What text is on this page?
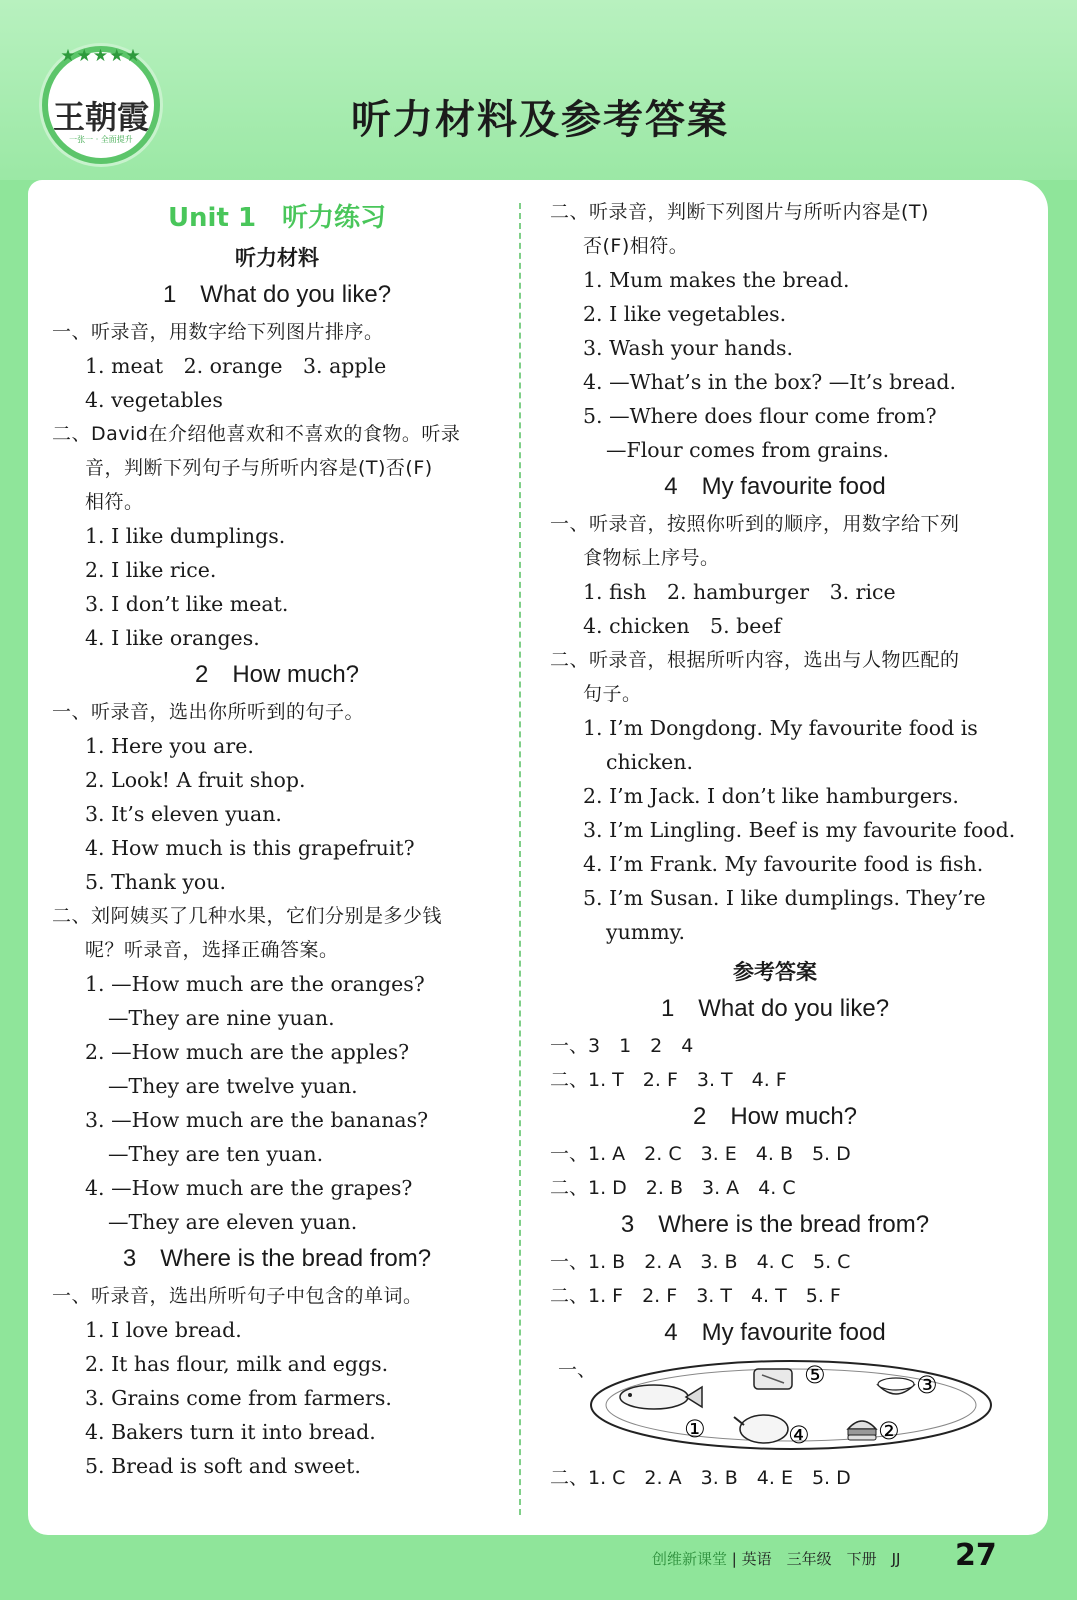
★★★★★
王朝霞
一张一 · 全面提升	听力材料及参考答案
Unit 1　听力练习
听力材料
1　What do you like?
一、听录音，用数字给下列图片排序。
1. meat　2. orange　3. apple
4. vegetables
二、David在介绍他喜欢和不喜欢的食物。听录
音，判断下列句子与所听内容是(T)否(F)
相符。
1. I like dumplings.
2. I like rice.
3. I don’t like meat.
4. I like oranges.
2　How much?
一、听录音，选出你所听到的句子。
1. Here you are.
2. Look! A fruit shop.
3. It’s eleven yuan.
4. How much is this grapefruit?
5. Thank you.
二、刘阿姨买了几种水果，它们分别是多少钱
呢？听录音，选择正确答案。
1. —How much are the oranges?
—They are nine yuan.
2. —How much are the apples?
—They are twelve yuan.
3. —How much are the bananas?
—They are ten yuan.
4. —How much are the grapes?
—They are eleven yuan.
3　Where is the bread from?
一、听录音，选出所听句子中包含的单词。
1. I love bread.
2. It has flour, milk and eggs.
3. Grains come from farmers.
4. Bakers turn it into bread.
5. Bread is soft and sweet.
二、听录音，判断下列图片与所听内容是(T)
否(F)相符。
1. Mum makes the bread.
2. I like vegetables.
3. Wash your hands.
4. —What’s in the box? —It’s bread.
5. —Where does flour come from?
—Flour comes from grains.
4　My favourite food
一、听录音，按照你听到的顺序，用数字给下列
食物标上序号。
1. fish　2. hamburger　3. rice
4. chicken　5. beef
二、听录音，根据所听内容，选出与人物匹配的
句子。
1. I’m Dongdong. My favourite food is
chicken.
2. I’m Jack. I don’t like hamburgers.
3. I’m Lingling. Beef is my favourite food.
4. I’m Frank. My favourite food is fish.
5. I’m Susan. I like dumplings. They’re
yummy.
参考答案
1　What do you like?
一、3　1　2　4
二、1. T　2. F　3. T　4. F
2　How much?
一、1. A　2. C　3. E　4. B　5. D
二、1. D　2. B　3. A　4. C
3　Where is the bread from?
一、1. B　2. A　3. B　4. C　5. C
二、1. F　2. F　3. T　4. T　5. F
4　My favourite food
一、
①	②
③
④
⑤
二、1. C　2. A　3. B　4. E　5. D
创维新课堂 | 英语　三年级　下册　JJ 27
